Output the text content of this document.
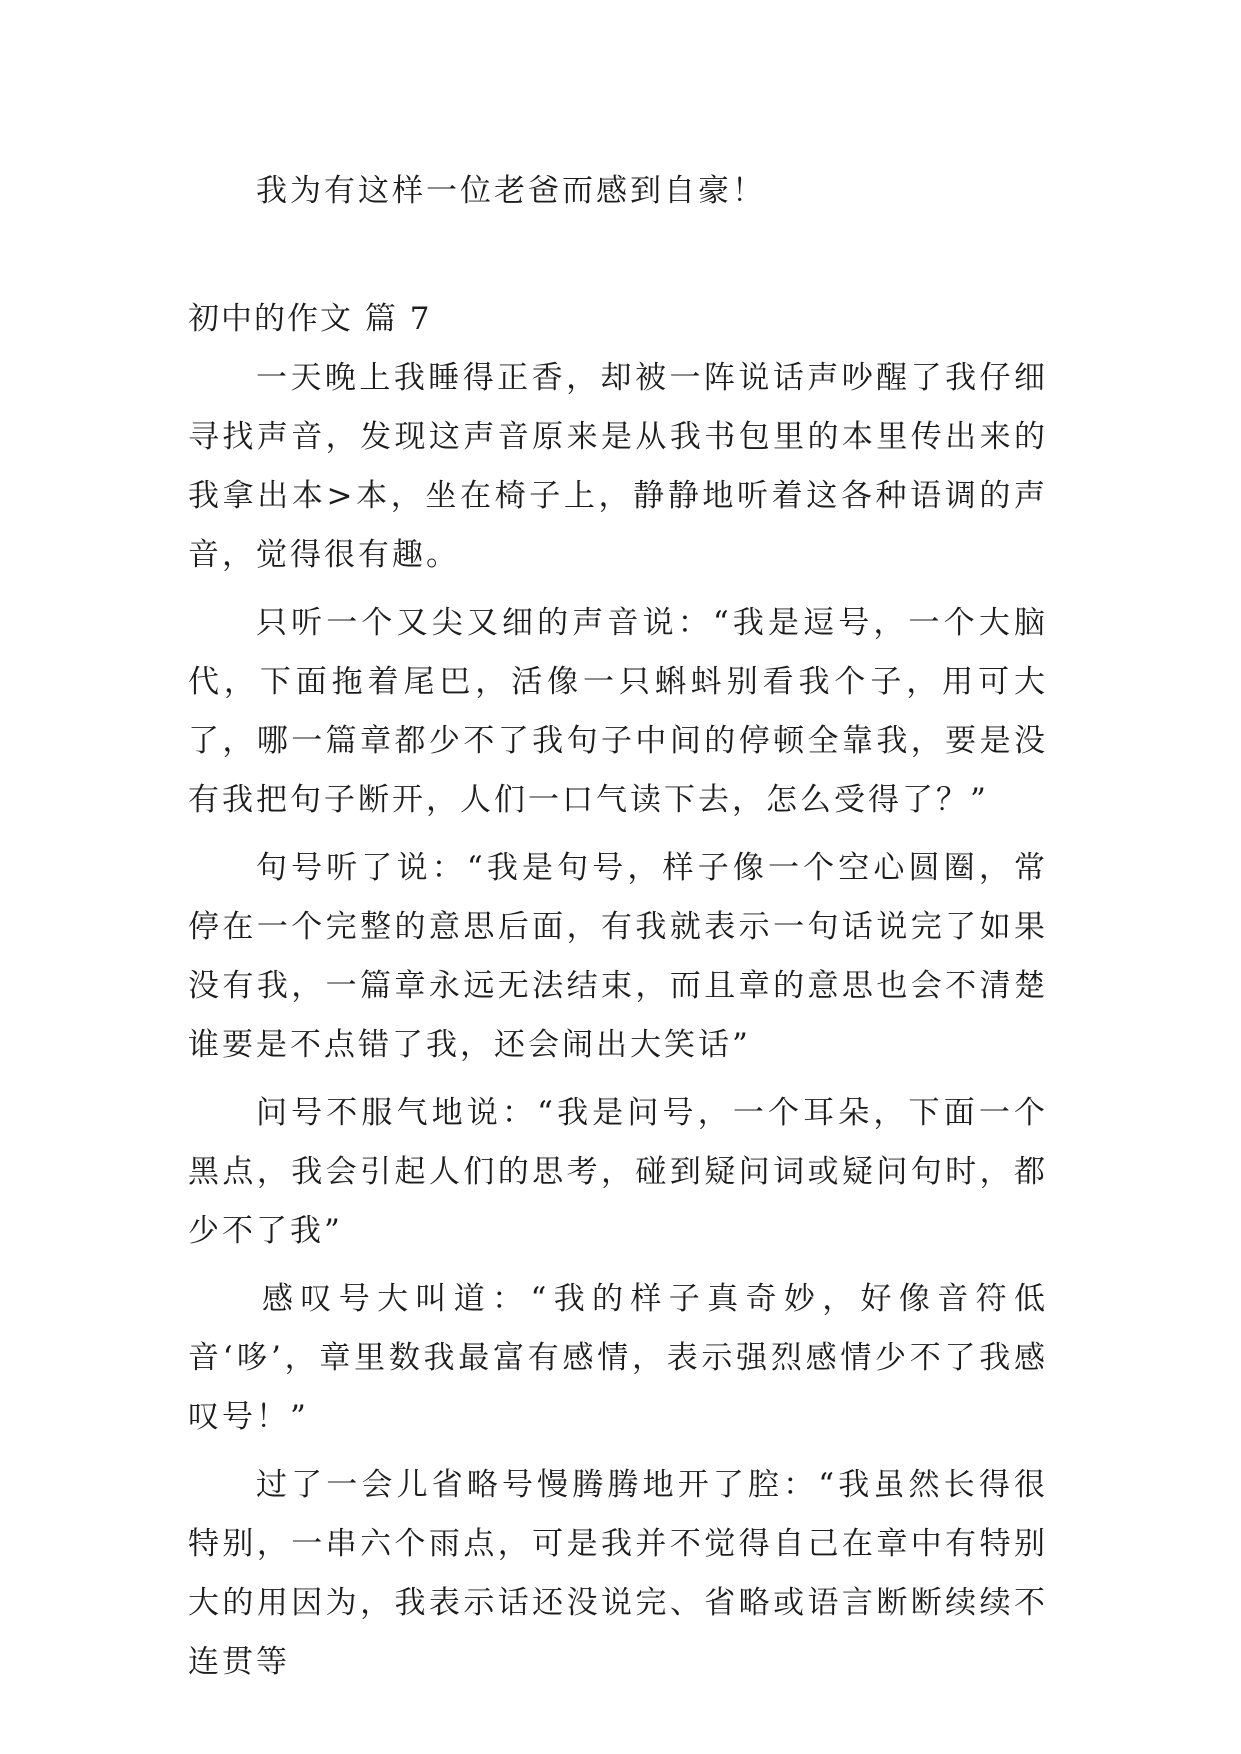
我为有这样一位老爸而感到自豪！

初中的作文 篇 7

一天晚上我睡得正香，却被一阵说话声吵醒了我仔细寻找声音，发现这声音原来是从我书包里的本里传出来的我拿出本>本，坐在椅子上，静静地听着这各种语调的声音，觉得很有趣。

只听一个又尖又细的声音说：“我是逗号，一个大脑代，下面拖着尾巴，活像一只蝌蚪别看我个子，用可大了，哪一篇章都少不了我句子中间的停顿全靠我，要是没有我把句子断开，人们一口气读下去，怎么受得了？”

句号听了说：“我是句号，样子像一个空心圆圈，常停在一个完整的意思后面，有我就表示一句话说完了如果没有我，一篇章永远无法结束，而且章的意思也会不清楚谁要是不点错了我，还会闹出大笑话”

问号不服气地说：“我是问号，一个耳朵，下面一个黑点，我会引起人们的思考，碰到疑问词或疑问句时，都少不了我”

感叹号大叫道：“我的样子真奇妙，好像音符低音‘哆’，章里数我最富有感情，表示强烈感情少不了我感叹号！”

过了一会儿省略号慢腾腾地开了腔：“我虽然长得很特别，一串六个雨点，可是我并不觉得自己在章中有特别大的用因为，我表示话还没说完、省略或语言断断续续不连贯等
